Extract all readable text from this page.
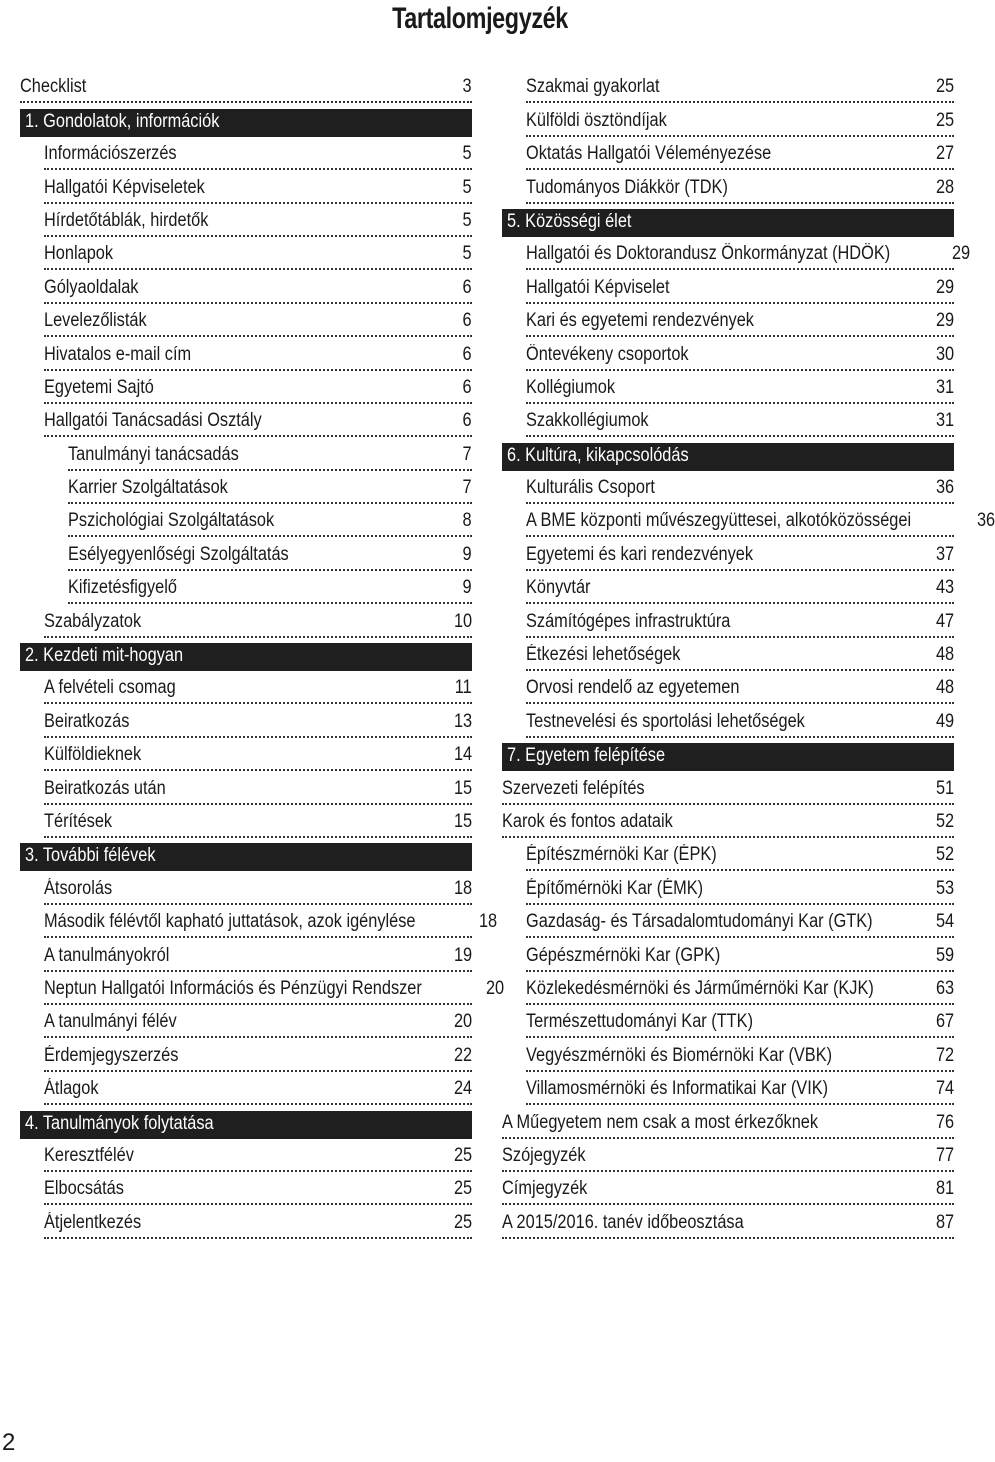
Tartalomjegyzék
Checklist	3
1. Gondolatok, információk
Információszerzés	5
Hallgatói Képviseletek	5
Hírdetőtáblák, hirdetők	5
Honlapok	5
Gólyaoldalak	6
Levelezőlisták	6
Hivatalos e-mail cím	6
Egyetemi Sajtó	6
Hallgatói Tanácsadási Osztály	6
Tanulmányi tanácsadás	7
Karrier Szolgáltatások	7
Pszichológiai Szolgáltatások	8
Esélyegyenlőségi Szolgáltatás	9
Kifizetésfigyelő	9
Szabályzatok	10
2. Kezdeti mit-hogyan
A felvételi csomag	11
Beiratkozás	13
Külföldieknek	14
Beiratkozás után	15
Térítések	15
3. További félévek
Átsorolás	18
Második félévtől kapható juttatások, azok igénylése	18
A tanulmányokról	19
Neptun Hallgatói Információs és Pénzügyi Rendszer	20
A tanulmányi félév	20
Érdemjegyszerzés	22
Átlagok	24
4. Tanulmányok folytatása
Keresztfélév	25
Elbocsátás	25
Átjelentkezés	25
Szakmai gyakorlat	25
Külföldi ösztöndíjak	25
Oktatás Hallgatói Véleményezése	27
Tudományos Diákkör (TDK)	28
5. Közösségi élet
Hallgatói és Doktorandusz Önkormányzat (HDÖK)	29
Hallgatói Képviselet	29
Kari és egyetemi rendezvények	29
Öntevékeny csoportok	30
Kollégiumok	31
Szakkollégiumok	31
6. Kultúra, kikapcsolódás
Kulturális Csoport	36
A BME központi művészegyüttesei, alkotóközösségei	36
Egyetemi és kari rendezvények	37
Könyvtár	43
Számítógépes infrastruktúra	47
Étkezési lehetőségek	48
Orvosi rendelő az egyetemen	48
Testnevelési és sportolási lehetőségek	49
7. Egyetem felépítése
Szervezeti felépítés	51
Karok és fontos adataik	52
Építészmérnöki Kar (ÉPK)	52
Építőmérnöki Kar (ÉMK)	53
Gazdaság- és Társadalomtudományi Kar (GTK)	54
Gépészmérnöki Kar (GPK)	59
Közlekedésmérnöki és Járműmérnöki Kar (KJK)	63
Természettudományi Kar (TTK)	67
Vegyészmérnöki és Biomérnöki Kar (VBK)	72
Villamosmérnöki és Informatikai Kar (VIK)	74
A Műegyetem nem csak a most érkezőknek	76
Szójegyzék	77
Címjegyzék	81
A 2015/2016. tanév időbeosztása	87
2
